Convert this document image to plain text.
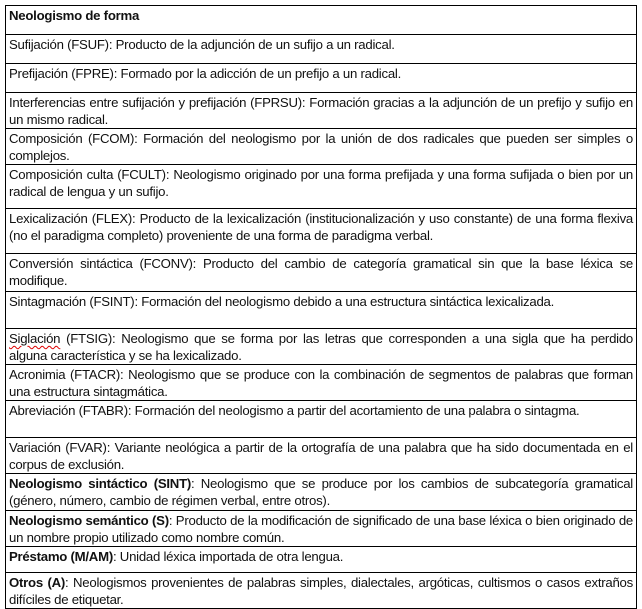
Neologismo de forma
Sufijación (FSUF): Producto de la adjunción de un sufijo a un radical.
Prefijación (FPRE): Formado por la adicción de un prefijo a un radical.
Interferencias entre sufijación y prefijación (FPRSU): Formación gracias a la adjunción de un prefijo y sufijo en un mismo radical.
Composición (FCOM): Formación del neologismo por la unión de dos radicales que pueden ser simples o complejos.
Composición culta (FCULT): Neologismo originado por una forma prefijada y una forma sufijada o bien por un radical de lengua y un sufijo.
Lexicalización (FLEX): Producto de la lexicalización (institucionalización y uso constante) de una forma flexiva (no el paradigma completo) proveniente de una forma de paradigma verbal.
Conversión sintáctica (FCONV): Producto del cambio de categoría gramatical sin que la base léxica se modifique.
Sintagmación (FSINT): Formación del neologismo debido a una estructura sintáctica lexicalizada.
Siglación (FTSIG): Neologismo que se forma por las letras que corresponden a una sigla que ha perdido alguna característica y se ha lexicalizado.
Acronimia (FTACR): Neologismo que se produce con la combinación de segmentos de palabras que forman una estructura sintagmática.
Abreviación (FTABR): Formación del neologismo a partir del acortamiento de una palabra o sintagma.
Variación (FVAR): Variante neológica a partir de la ortografía de una palabra que ha sido documentada en el corpus de exclusión.
Neologismo sintáctico (SINT): Neologismo que se produce por los cambios de subcategoría gramatical (género, número, cambio de régimen verbal, entre otros).
Neologismo semántico (S): Producto de la modificación de significado de una base léxica o bien originado de un nombre propio utilizado como nombre común.
Préstamo (M/AM): Unidad léxica importada de otra lengua.
Otros (A): Neologismos provenientes de palabras simples, dialectales, argóticas, cultismos o casos extraños difíciles de etiquetar.
